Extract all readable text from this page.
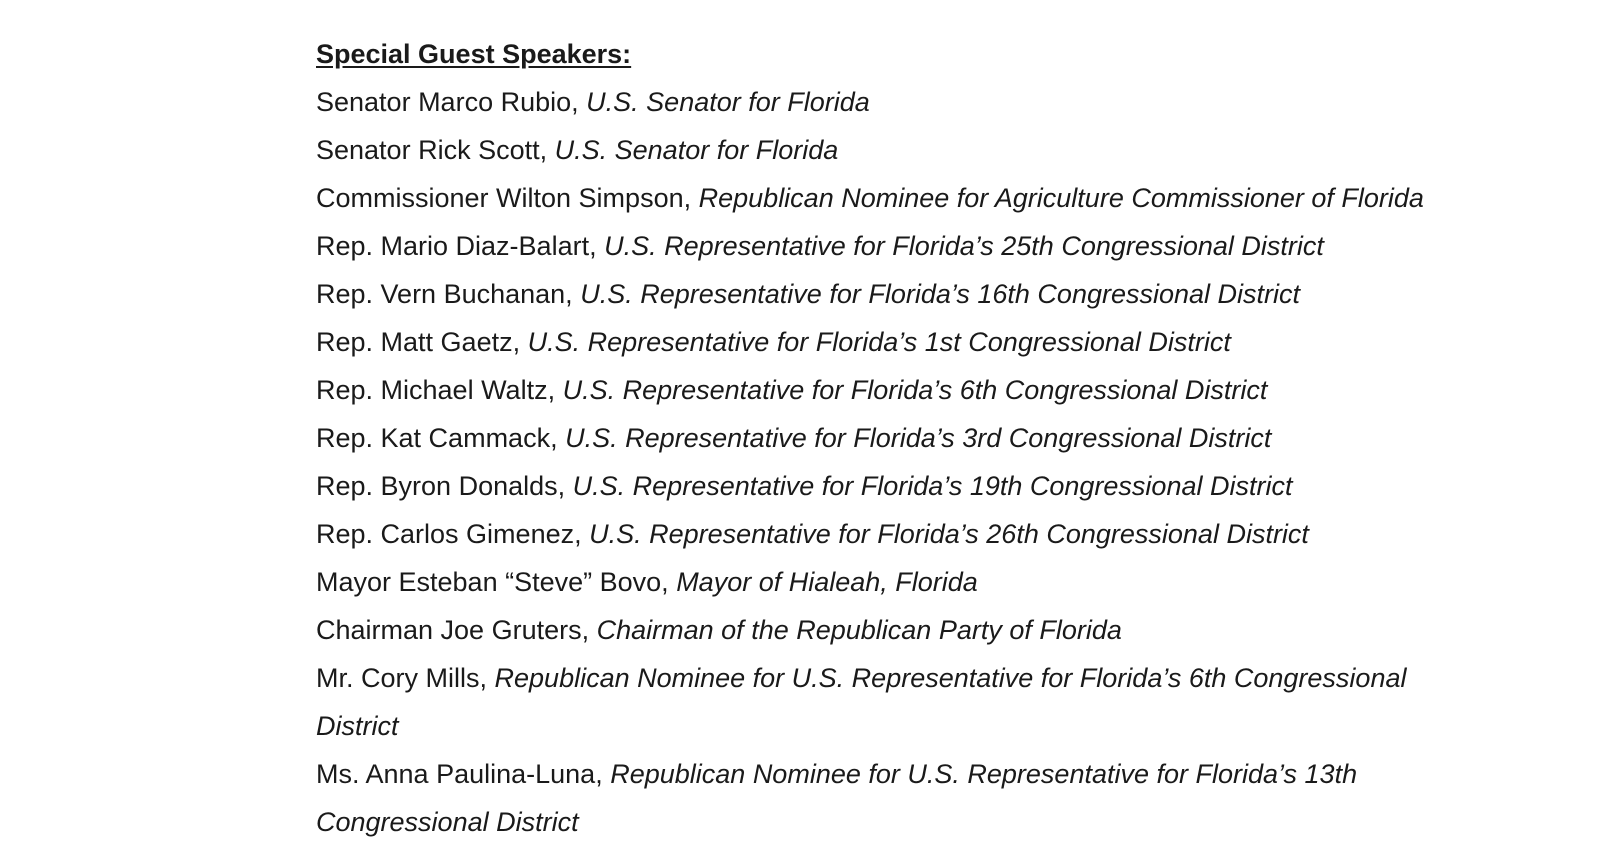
Special Guest Speakers:

Senator Marco Rubio, U.S. Senator for Florida
Senator Rick Scott, U.S. Senator for Florida
Commissioner Wilton Simpson, Republican Nominee for Agriculture Commissioner of Florida
Rep. Mario Diaz-Balart, U.S. Representative for Florida’s 25th Congressional District
Rep. Vern Buchanan, U.S. Representative for Florida’s 16th Congressional District
Rep. Matt Gaetz, U.S. Representative for Florida’s 1st Congressional District
Rep. Michael Waltz, U.S. Representative for Florida’s 6th Congressional District
Rep. Kat Cammack, U.S. Representative for Florida’s 3rd Congressional District
Rep. Byron Donalds, U.S. Representative for Florida’s 19th Congressional District
Rep. Carlos Gimenez, U.S. Representative for Florida’s 26th Congressional District
Mayor Esteban “Steve” Bovo, Mayor of Hialeah, Florida
Chairman Joe Gruters, Chairman of the Republican Party of Florida
Mr. Cory Mills, Republican Nominee for U.S. Representative for Florida’s 6th Congressional District
Ms. Anna Paulina-Luna, Republican Nominee for U.S. Representative for Florida’s 13th Congressional District
